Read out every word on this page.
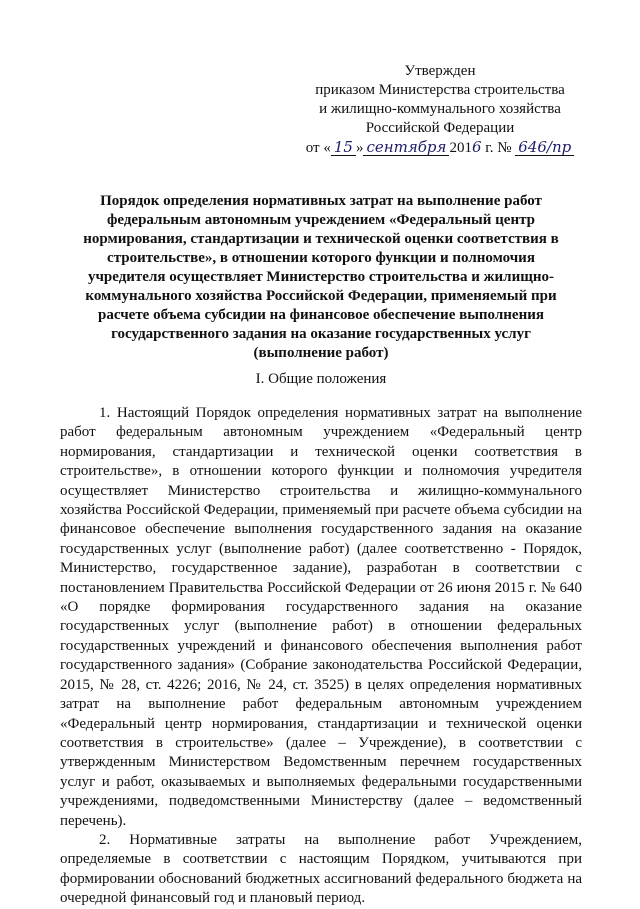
Утвержден
приказом Министерства строительства
и жилищно-коммунального хозяйства
Российской Федерации
от « 15 » сентября 2016 г. № 646/пр
Порядок определения нормативных затрат на выполнение работ федеральным автономным учреждением «Федеральный центр нормирования, стандартизации и технической оценки соответствия в строительстве», в отношении которого функции и полномочия учредителя осуществляет Министерство строительства и жилищно-коммунального хозяйства Российской Федерации, применяемый при расчете объема субсидии на финансовое обеспечение выполнения государственного задания на оказание государственных услуг (выполнение работ)
I. Общие положения

1. Настоящий Порядок определения нормативных затрат на выполнение работ федеральным автономным учреждением «Федеральный центр нормирования, стандартизации и технической оценки соответствия в строительстве», в отношении которого функции и полномочия учредителя осуществляет Министерство строительства и жилищно-коммунального хозяйства Российской Федерации, применяемый при расчете объема субсидии на финансовое обеспечение выполнения государственного задания на оказание государственных услуг (выполнение работ) (далее соответственно - Порядок, Министерство, государственное задание), разработан в соответствии с постановлением Правительства Российской Федерации от 26 июня 2015 г. № 640 «О порядке формирования государственного задания на оказание государственных услуг (выполнение работ) в отношении федеральных государственных учреждений и финансового обеспечения выполнения работ государственного задания» (Собрание законодательства Российской Федерации, 2015, № 28, ст. 4226; 2016, № 24, ст. 3525) в целях определения нормативных затрат на выполнение работ федеральным автономным учреждением «Федеральный центр нормирования, стандартизации и технической оценки соответствия в строительстве» (далее – Учреждение), в соответствии с утвержденным Министерством Ведомственным перечнем государственных услуг и работ, оказываемых и выполняемых федеральными государственными учреждениями, подведомственными Министерству (далее – ведомственный перечень).

2. Нормативные затраты на выполнение работ Учреждением, определяемые в соответствии с настоящим Порядком, учитываются при формировании обоснований бюджетных ассигнований федерального бюджета на очередной финансовый год и плановый период.
